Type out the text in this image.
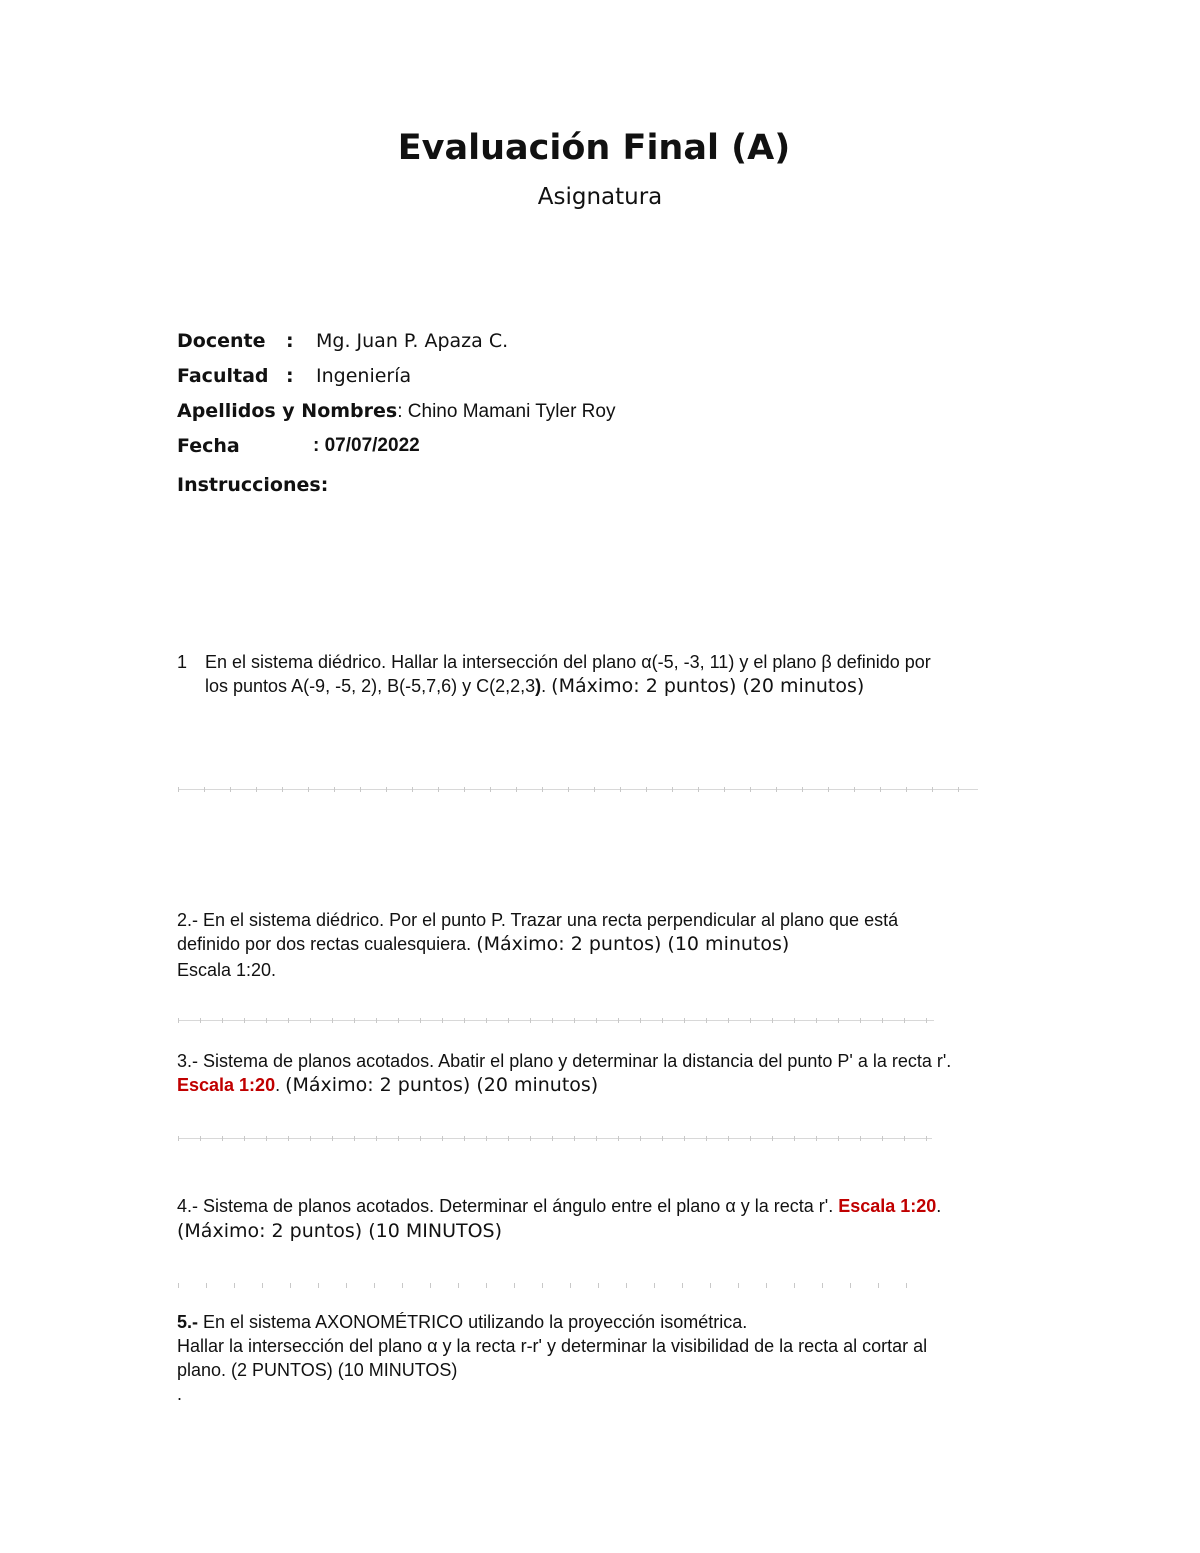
Evaluación Final (A)
Asignatura
Docente : Mg. Juan P. Apaza C.
Facultad : Ingeniería
Apellidos y Nombres: Chino Mamani Tyler Roy
Fecha	: 07/07/2022
Instrucciones:
1 En el sistema diédrico. Hallar la intersección del plano α(-5, -3, 11) y el plano β definido por
los puntos A(-9, -5, 2), B(-5,7,6) y C(2,2,3). (Máximo: 2 puntos) (20 minutos)
2.- En el sistema diédrico. Por el punto P. Trazar una recta perpendicular al plano que está
definido por dos rectas cualesquiera. (Máximo: 2 puntos) (10 minutos)
Escala 1:20.
3.- Sistema de planos acotados. Abatir el plano y determinar la distancia del punto P' a la recta r'.
Escala 1:20. (Máximo: 2 puntos) (20 minutos)
4.- Sistema de planos acotados. Determinar el ángulo entre el plano α y la recta r'. Escala 1:20.
(Máximo: 2 puntos) (10 MINUTOS)
5.- En el sistema AXONOMÉTRICO utilizando la proyección isométrica.
Hallar la intersección del plano α y la recta r-r' y determinar la visibilidad de la recta al cortar al
plano. (2 PUNTOS) (10 MINUTOS)
.
